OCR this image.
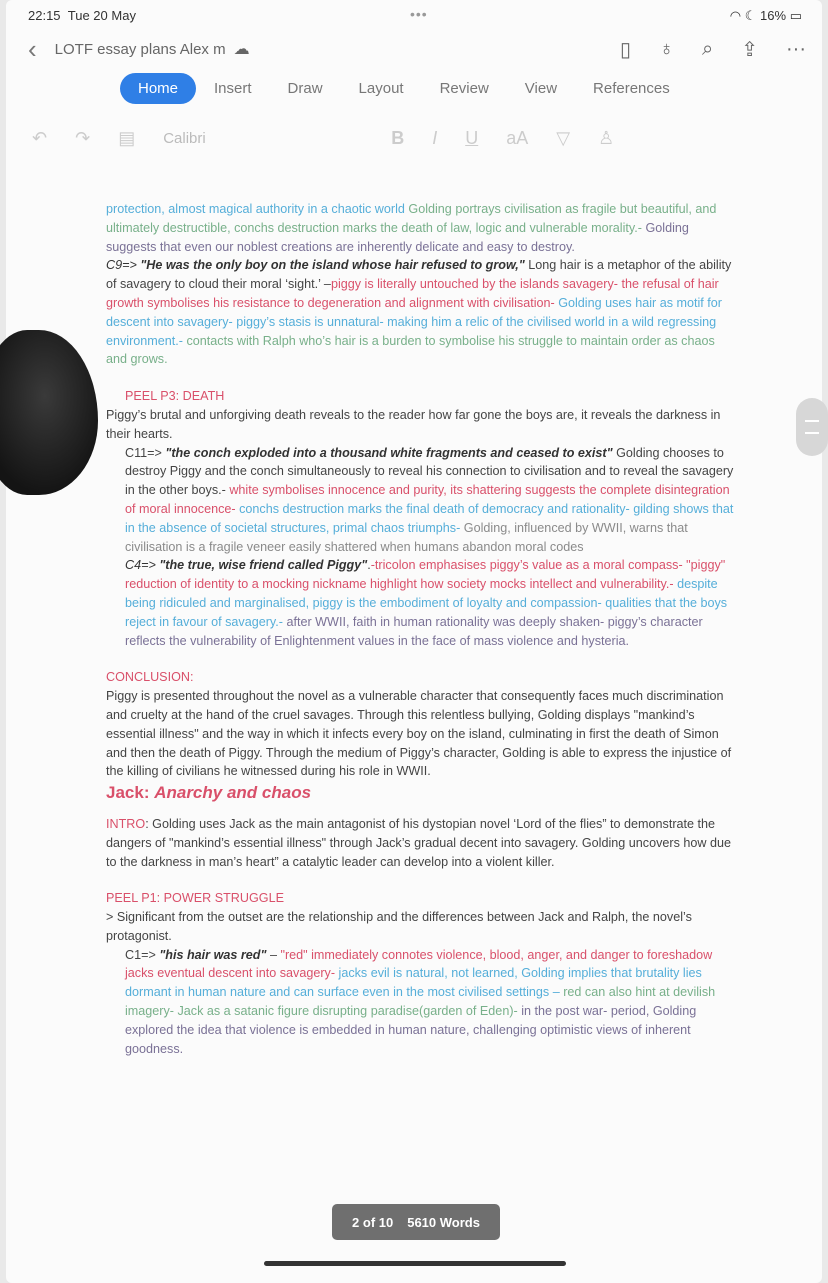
22:15 Tue 20 May	◠ ☾ 16% ▭
•••
‹ LOTF essay plans Alex m ☁	▯ ♁ ⌕ ⇪ ···
Home	Insert	Draw	Layout	Review	View	References
↶ ↷ ▤ Calibri	B I U aA ▽ ♙
protection, almost magical authority in a chaotic world Golding portrays civilisation as fragile but beautiful, and ultimately destructible, conchs destruction marks the death of law, logic and vulnerable morality.- Golding suggests that even our noblest creations are inherently delicate and easy to destroy.
C9=> "He was the only boy on the island whose hair refused to grow," Long hair is a metaphor of the ability of savagery to cloud their moral ‘sight.’ –piggy is literally untouched by the islands savagery- the refusal of hair growth symbolises his resistance to degeneration and alignment with civilisation- Golding uses hair as motif for descent into savagery- piggy’s stasis is unnatural- making him a relic of the civilised world in a wild regressing environment.- contacts with Ralph who’s hair is a burden to symbolise his struggle to maintain order as chaos and grows.
PEEL P3: DEATH
Piggy’s brutal and unforgiving death reveals to the reader how far gone the boys are, it reveals the darkness in their hearts.
C11=> "the conch exploded into a thousand white fragments and ceased to exist" Golding chooses to destroy Piggy and the conch simultaneously to reveal his connection to civilisation and to reveal the savagery in the other boys.- white symbolises innocence and purity, its shattering suggests the complete disintegration of moral innocence- conchs destruction marks the final death of democracy and rationality- gilding shows that in the absence of societal structures, primal chaos triumphs- Golding, influenced by WWII, warns that civilisation is a fragile veneer easily shattered when humans abandon moral codes
C4=> "the true, wise friend called Piggy".-tricolon emphasises piggy’s value as a moral compass- "piggy" reduction of identity to a mocking nickname highlight how society mocks intellect and vulnerability.- despite being ridiculed and marginalised, piggy is the embodiment of loyalty and compassion- qualities that the boys reject in favour of savagery.- after WWII, faith in human rationality was deeply shaken- piggy’s character reflects the vulnerability of Enlightenment values in the face of mass violence and hysteria.
CONCLUSION:
Piggy is presented throughout the novel as a vulnerable character that consequently faces much discrimination and cruelty at the hand of the cruel savages. Through this relentless bullying, Golding displays "mankind’s essential illness" and the way in which it infects every boy on the island, culminating in first the death of Simon and then the death of Piggy. Through the medium of Piggy’s character, Golding is able to express the injustice of the killing of civilians he witnessed during his role in WWII.
Jack: Anarchy and chaos
INTRO: Golding uses Jack as the main antagonist of his dystopian novel ‘Lord of the flies” to demonstrate the dangers of "mankind’s essential illness" through Jack’s gradual decent into savagery. Golding uncovers how due to the darkness in man’s heart” a catalytic leader can develop into a violent killer.
PEEL P1: POWER STRUGGLE
> Significant from the outset are the relationship and the differences between Jack and Ralph, the novel’s protagonist.
C1=> "his hair was red" – "red" immediately connotes violence, blood, anger, and danger to foreshadow jacks eventual descent into savagery- jacks evil is natural, not learned, Golding implies that brutality lies dormant in human nature and can surface even in the most civilised settings – red can also hint at devilish imagery- Jack as a satanic figure disrupting paradise(garden of Eden)- in the post war- period, Golding explored the idea that violence is embedded in human nature, challenging optimistic views of inherent goodness.
2 of 10 5610 Words
